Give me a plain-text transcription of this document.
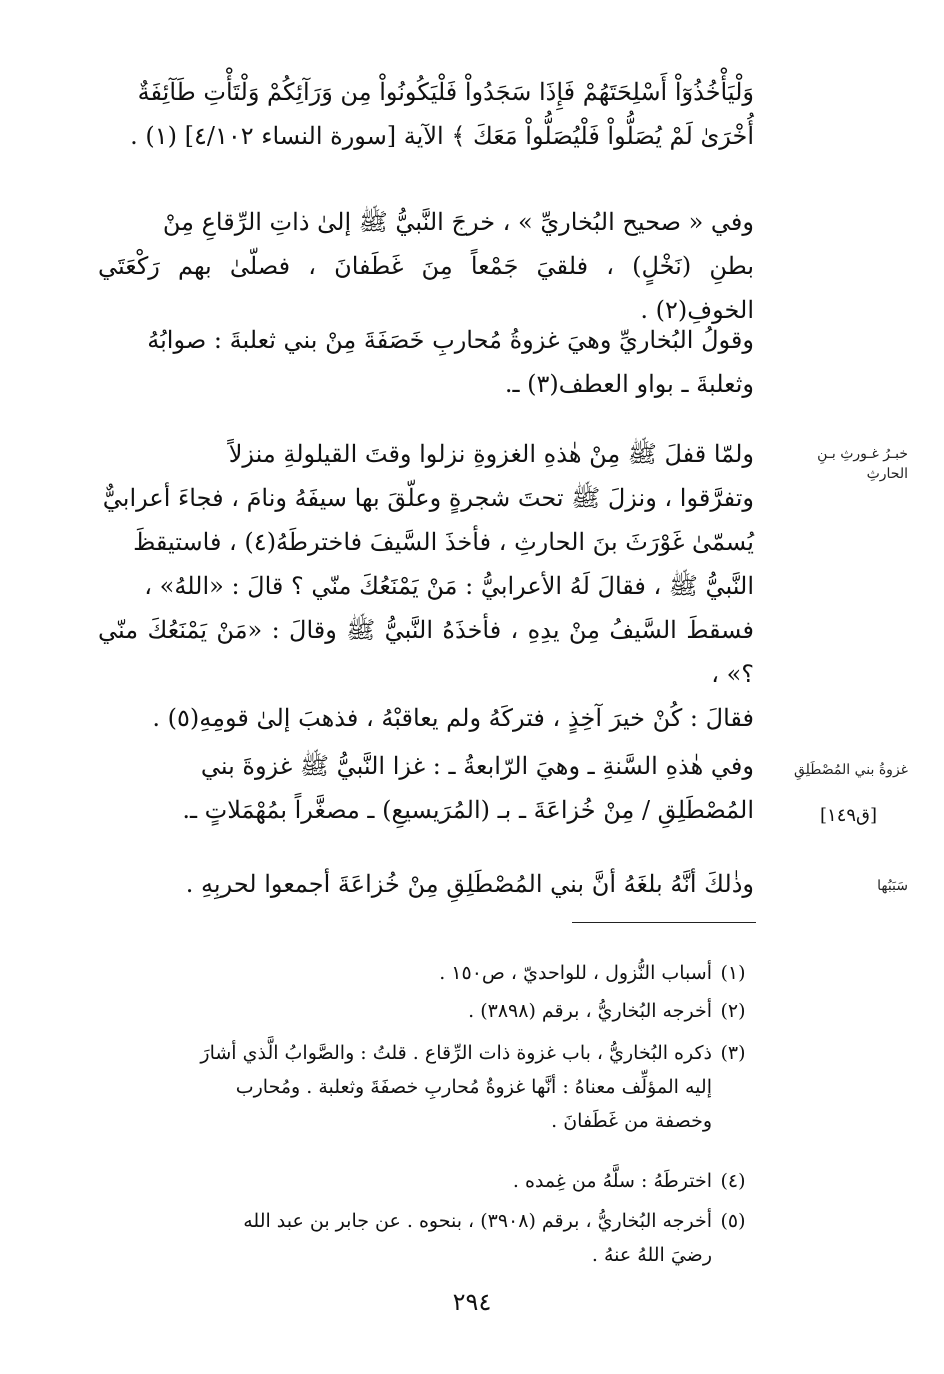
وَلْيَأْخُذُوٓاْ أَسْلِحَتَهُمْ فَإِذَا سَجَدُواْ فَلْيَكُونُواْ مِن وَرَآئِكُمْ وَلْتَأْتِ طَآئِفَةٌ

أُخْرَىٰ لَمْ يُصَلُّواْ فَلْيُصَلُّواْ مَعَكَ ﴾ الآية [سورة النساء ٤/١٠٢] (١) .

وفي « صحيح البُخاريِّ » ، خرجَ النَّبيُّ ﷺ إلىٰ ذاتِ الرِّقاعِ مِنْ

بطنِ (نَخْلٍ) ، فلقيَ جَمْعاً مِنَ غَطَفانَ ، فصلّىٰ بهم رَكْعَتَي الخوفِ(٢) .

وقولُ البُخاريِّ وهيَ غزوةُ مُحاربِ خَصَفَةَ مِنْ بني ثعلبةَ : صوابُهُ

وثعلبةَ ـ بواو العطف(٣) ـ.

ولمّا قفلَ ﷺ مِنْ هٰذهِ الغزوةِ نزلوا وقتَ القيلولةِ منزلاً

وتفرَّقوا ، ونزلَ ﷺ تحتَ شجرةٍ وعلّقَ بها سيفَهُ ونامَ ، فجاءَ أعرابيٌّ

يُسمّىٰ غَوْرَثَ بنَ الحارثِ ، فأخذَ السَّيفَ فاخترطَهُ(٤) ، فاستيقظَ

النَّبيُّ ﷺ ، فقالَ لَهُ الأعرابيُّ : مَنْ يَمْنَعُكَ منّي ؟ قالَ : «اللهُ» ،

فسقطَ السَّيفُ مِنْ يدِهِ ، فأخذَهُ النَّبيُّ ﷺ وقالَ : «مَنْ يَمْنَعُكَ منّي ؟» ،

فقالَ : كُنْ خيرَ آخِذٍ ، فتركَهُ ولم يعاقبْهُ ، فذهبَ إلىٰ قومِهِ(٥) .

وفي هٰذهِ السَّنةِ ـ وهيَ الرّابعةُ ـ : غزا النَّبيُّ ﷺ غزوةَ بني

المُصْطَلِقِ / مِنْ خُزاعَةَ ـ بـ (المُرَيسيعِ) ـ مصغَّراً بمُهْمَلاتٍ ـ.

وذٰلكَ أنَّهُ بلغَهُ أنَّ بني المُصْطَلِقِ مِنْ خُزاعَةَ أجمعوا لحربِهِ .

خبـرُ غـورثِ بـنِ
الحارثِ
غزوةُ بني المُصْطَلِقِ
[ق١٤٩]
سَبَبُها
(١)أسباب النُّزول ، للواحديّ ، ص١٥٠ .
(٢)أخرجه البُخاريُّ ، برقم (٣٨٩٨) .
(٣)ذكره البُخاريُّ ، باب غزوة ذات الرِّقاع . قلتُ : والصَّوابُ الَّذي أشارَ
إليه المؤلِّف معناهُ : أنَّها غزوةُ مُحاربِ خصفَةَ وثعلبة . ومُحارب
وخصفة من غَطَفانَ .
(٤)اخترطَهُ : سلَّهُ من غِمده .
(٥)أخرجه البُخاريُّ ، برقم (٣٩٠٨) ، بنحوه . عن جابر بن عبد الله
رضيَ اللهُ عنهُ .
٢٩٤
